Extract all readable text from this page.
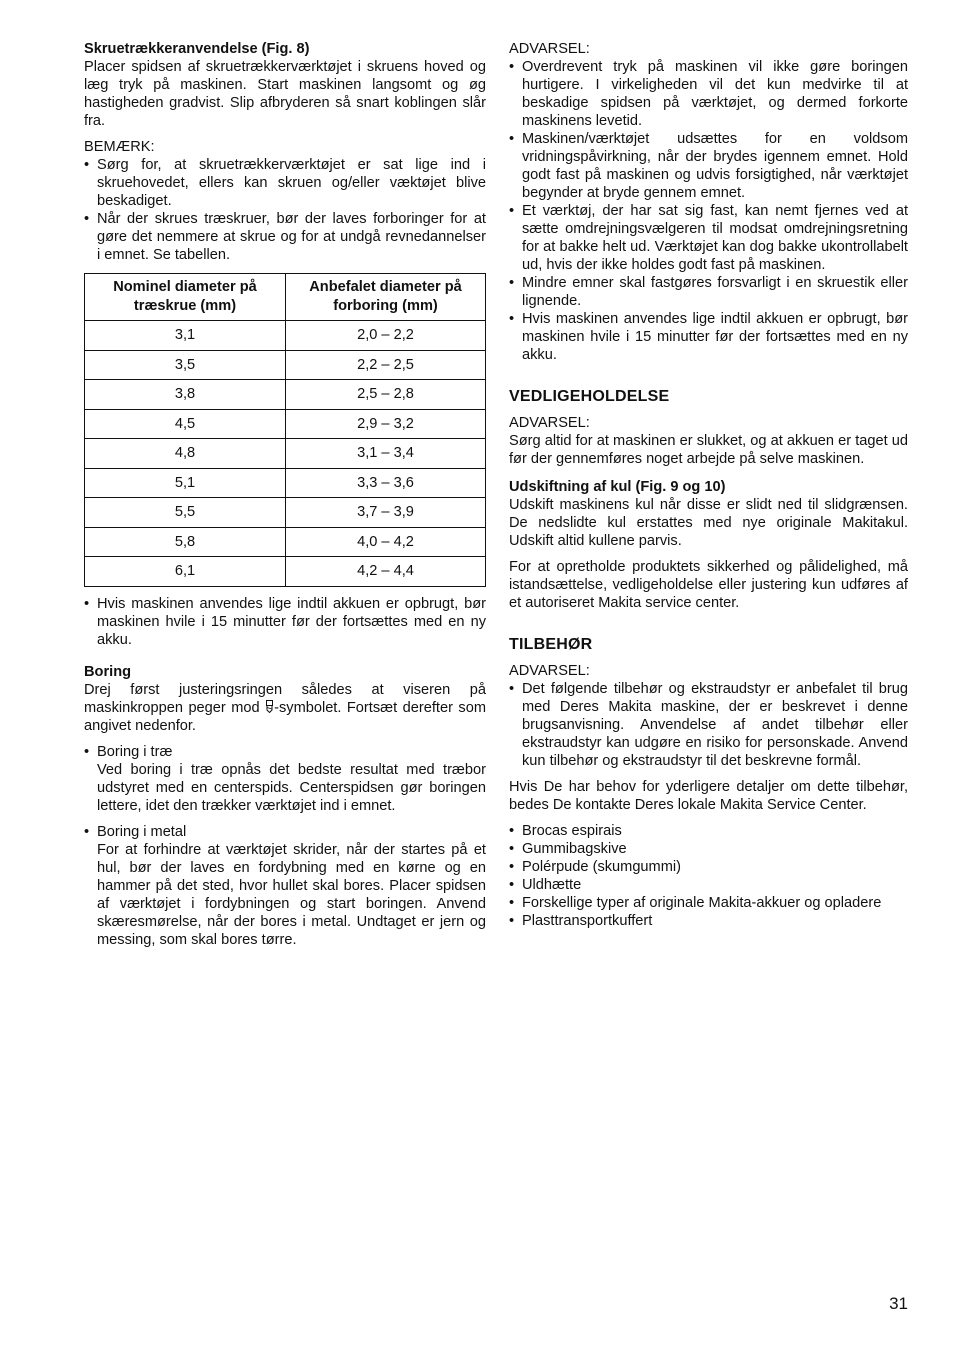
Skruetrækkeranvendelse (Fig. 8)

Placer spidsen af skruetrækkerværktøjet i skruens hoved og læg tryk på maskinen. Start maskinen langsomt og øg hastigheden gradvist. Slip afbryderen så snart koblingen slår fra.

BEMÆRK:

• Sørg for, at skruetrækkerværktøjet er sat lige ind i skruehovedet, ellers kan skruen og/eller væktøjet blive beskadiget.
• Når der skrues træskruer, bør der laves forboringer for at gøre det nemmere at skrue og for at undgå revnedannelser i emnet. Se tabellen.
Nominel diameter på træskrue (mm)	Anbefalet diameter på forboring (mm)
3,1	2,0 – 2,2
3,5	2,2 – 2,5
3,8	2,5 – 2,8
4,5	2,9 – 3,2
4,8	3,1 – 3,4
5,1	3,3 – 3,6
5,5	3,7 – 3,9
5,8	4,0 – 4,2
6,1	4,2 – 4,4
• Hvis maskinen anvendes lige indtil akkuen er opbrugt, bør maskinen hvile i 15 minutter før der fortsættes med en ny akku.

Boring

Drej først justeringsringen således at viseren på maskinkroppen peger mod -symbolet. Fortsæt derefter som angivet nedenfor.

• Boring i træ
Ved boring i træ opnås det bedste resultat med træbor udstyret med en centerspids. Centerspidsen gør boringen lettere, idet den trækker værktøjet ind i emnet.
• Boring i metal
For at forhindre at værktøjet skrider, når der startes på et hul, bør der laves en fordybning med en kørne og en hammer på det sted, hvor hullet skal bores. Placer spidsen af værktøjet i fordybningen og start boringen. Anvend skæresmørelse, når der bores i metal. Undtaget er jern og messing, som skal bores tørre.

ADVARSEL:

• Overdrevent tryk på maskinen vil ikke gøre boringen hurtigere. I virkeligheden vil det kun medvirke til at beskadige spidsen på værktøjet, og dermed forkorte maskinens levetid.
• Maskinen/værktøjet udsættes for en voldsom vridningspåvirkning, når der brydes igennem emnet. Hold godt fast på maskinen og udvis forsigtighed, når værktøjet begynder at bryde gennem emnet.
• Et værktøj, der har sat sig fast, kan nemt fjernes ved at sætte omdrejningsvælgeren til modsat omdrejningsretning for at bakke helt ud. Værktøjet kan dog bakke ukontrollabelt ud, hvis der ikke holdes godt fast på maskinen.
• Mindre emner skal fastgøres forsvarligt i en skruestik eller lignende.
• Hvis maskinen anvendes lige indtil akkuen er opbrugt, bør maskinen hvile i 15 minutter før der fortsættes med en ny akku.

VEDLIGEHOLDELSE

ADVARSEL:

Sørg altid for at maskinen er slukket, og at akkuen er taget ud før der gennemføres noget arbejde på selve maskinen.

Udskiftning af kul (Fig. 9 og 10)

Udskift maskinens kul når disse er slidt ned til slidgrænsen. De nedslidte kul erstattes med nye originale Makitakul. Udskift altid kullene parvis.

For at opretholde produktets sikkerhed og pålidelighed, må istandsættelse, vedligeholdelse eller justering kun udføres af et autoriseret Makita service center.

TILBEHØR

ADVARSEL:

• Det følgende tilbehør og ekstraudstyr er anbefalet til brug med Deres Makita maskine, der er beskrevet i denne brugsanvisning. Anvendelse af andet tilbehør eller ekstraudstyr kan udgøre en risiko for personskade. Anvend kun tilbehør og ekstraudstyr til det beskrevne formål.

Hvis De har behov for yderligere detaljer om dette tilbehør, bedes De kontakte Deres lokale Makita Service Center.

• Brocas espirais
• Gummibagskive
• Polérpude (skumgummi)
• Uldhætte
• Forskellige typer af originale Makita-akkuer og opladere
• Plasttransportkuffert
31
